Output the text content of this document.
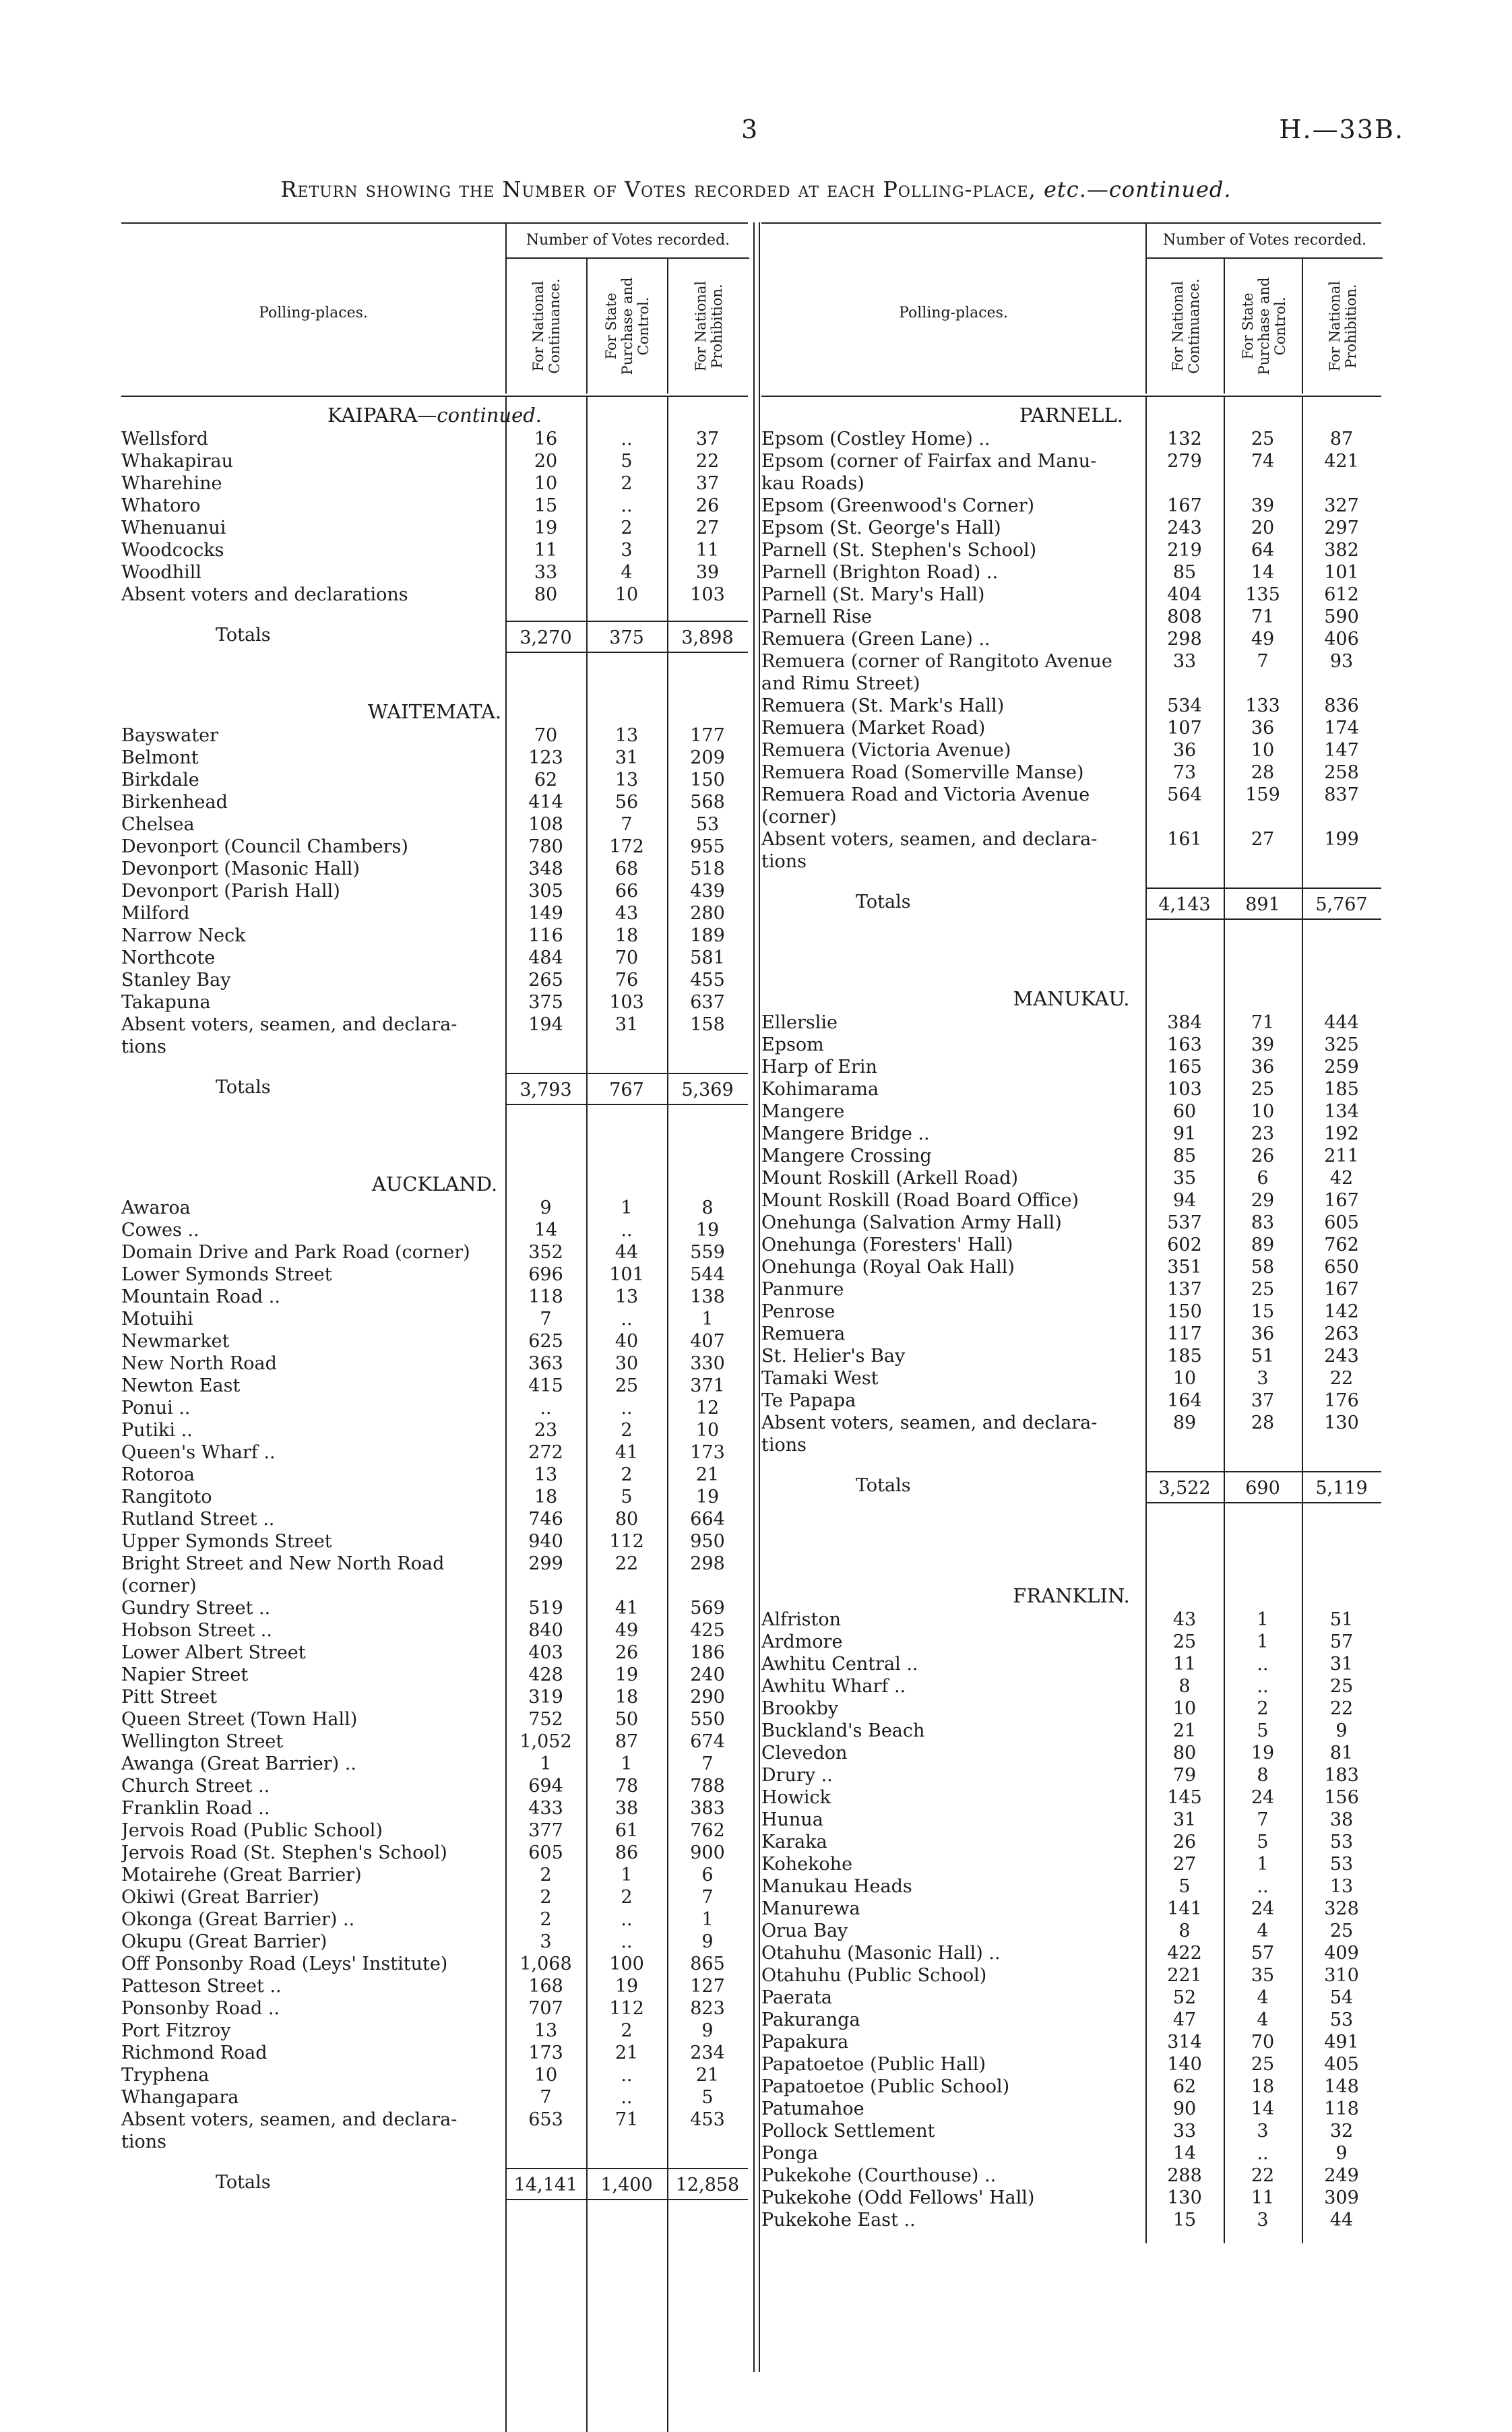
3	H.—33B.
Return showing the Number of Votes recorded at each Polling-place, etc.—continued.
Polling-places.
Number of Votes recorded.
For National Continuance.	For State Purchase and Control.	For National Prohibition.
KAIPARA—continued.
Wellsford	16	..	37
Whakapirau	20	5	22
Wharehine	10	2	37
Whatoro	15	..	26
Whenuanui	19	2	27
Woodcocks	11	3	11
Woodhill	33	4	39
Absent voters and declarations	80	10	103
Totals	3,270	375	3,898
WAITEMATA.
Bayswater	70	13	177
Belmont	123	31	209
Birkdale	62	13	150
Birkenhead	414	56	568
Chelsea	108	7	53
Devonport (Council Chambers)	780	172	955
Devonport (Masonic Hall)	348	68	518
Devonport (Parish Hall)	305	66	439
Milford	149	43	280
Narrow Neck	116	18	189
Northcote	484	70	581
Stanley Bay	265	76	455
Takapuna	375	103	637
Absent voters, seamen, and declara-	194	31	158
tions
Totals	3,793	767	5,369
AUCKLAND.
Awaroa	9	1	8
Cowes ..	14	..	19
Domain Drive and Park Road (corner)	352	44	559
Lower Symonds Street	696	101	544
Mountain Road ..	118	13	138
Motuihi	7	..	1
Newmarket	625	40	407
New North Road	363	30	330
Newton East	415	25	371
Ponui ..	..	..	12
Putiki ..	23	2	10
Queen's Wharf ..	272	41	173
Rotoroa	13	2	21
Rangitoto	18	5	19
Rutland Street ..	746	80	664
Upper Symonds Street	940	112	950
Bright Street and New North Road	299	22	298
(corner)
Gundry Street ..	519	41	569
Hobson Street ..	840	49	425
Lower Albert Street	403	26	186
Napier Street	428	19	240
Pitt Street	319	18	290
Queen Street (Town Hall)	752	50	550
Wellington Street	1,052	87	674
Awanga (Great Barrier) ..	1	1	7
Church Street ..	694	78	788
Franklin Road ..	433	38	383
Jervois Road (Public School)	377	61	762
Jervois Road (St. Stephen's School)	605	86	900
Motairehe (Great Barrier)	2	1	6
Okiwi (Great Barrier)	2	2	7
Okonga (Great Barrier) ..	2	..	1
Okupu (Great Barrier)	3	..	9
Off Ponsonby Road (Leys' Institute)	1,068	100	865
Patteson Street ..	168	19	127
Ponsonby Road ..	707	112	823
Port Fitzroy	13	2	9
Richmond Road	173	21	234
Tryphena	10	..	21
Whangapara	7	..	5
Absent voters, seamen, and declara-	653	71	453
tions
Totals	14,141	1,400	12,858
Polling-places.
Number of Votes recorded.
For National Continuance.	For State Purchase and Control.	For National Prohibition.
PARNELL.
Epsom (Costley Home) ..	132	25	87
Epsom (corner of Fairfax and Manu-	279	74	421
kau Roads)
Epsom (Greenwood's Corner)	167	39	327
Epsom (St. George's Hall)	243	20	297
Parnell (St. Stephen's School)	219	64	382
Parnell (Brighton Road) ..	85	14	101
Parnell (St. Mary's Hall)	404	135	612
Parnell Rise	808	71	590
Remuera (Green Lane) ..	298	49	406
Remuera (corner of Rangitoto Avenue	33	7	93
and Rimu Street)
Remuera (St. Mark's Hall)	534	133	836
Remuera (Market Road)	107	36	174
Remuera (Victoria Avenue)	36	10	147
Remuera Road (Somerville Manse)	73	28	258
Remuera Road and Victoria Avenue	564	159	837
(corner)
Absent voters, seamen, and declara-	161	27	199
tions
Totals	4,143	891	5,767
MANUKAU.
Ellerslie	384	71	444
Epsom	163	39	325
Harp of Erin	165	36	259
Kohimarama	103	25	185
Mangere	60	10	134
Mangere Bridge ..	91	23	192
Mangere Crossing	85	26	211
Mount Roskill (Arkell Road)	35	6	42
Mount Roskill (Road Board Office)	94	29	167
Onehunga (Salvation Army Hall)	537	83	605
Onehunga (Foresters' Hall)	602	89	762
Onehunga (Royal Oak Hall)	351	58	650
Panmure	137	25	167
Penrose	150	15	142
Remuera	117	36	263
St. Helier's Bay	185	51	243
Tamaki West	10	3	22
Te Papapa	164	37	176
Absent voters, seamen, and declara-	89	28	130
tions
Totals	3,522	690	5,119
FRANKLIN.
Alfriston	43	1	51
Ardmore	25	1	57
Awhitu Central ..	11	..	31
Awhitu Wharf ..	8	..	25
Brookby	10	2	22
Buckland's Beach	21	5	9
Clevedon	80	19	81
Drury ..	79	8	183
Howick	145	24	156
Hunua	31	7	38
Karaka	26	5	53
Kohekohe	27	1	53
Manukau Heads	5	..	13
Manurewa	141	24	328
Orua Bay	8	4	25
Otahuhu (Masonic Hall) ..	422	57	409
Otahuhu (Public School)	221	35	310
Paerata	52	4	54
Pakuranga	47	4	53
Papakura	314	70	491
Papatoetoe (Public Hall)	140	25	405
Papatoetoe (Public School)	62	18	148
Patumahoe	90	14	118
Pollock Settlement	33	3	32
Ponga	14	..	9
Pukekohe (Courthouse) ..	288	22	249
Pukekohe (Odd Fellows' Hall)	130	11	309
Pukekohe East ..	15	3	44
